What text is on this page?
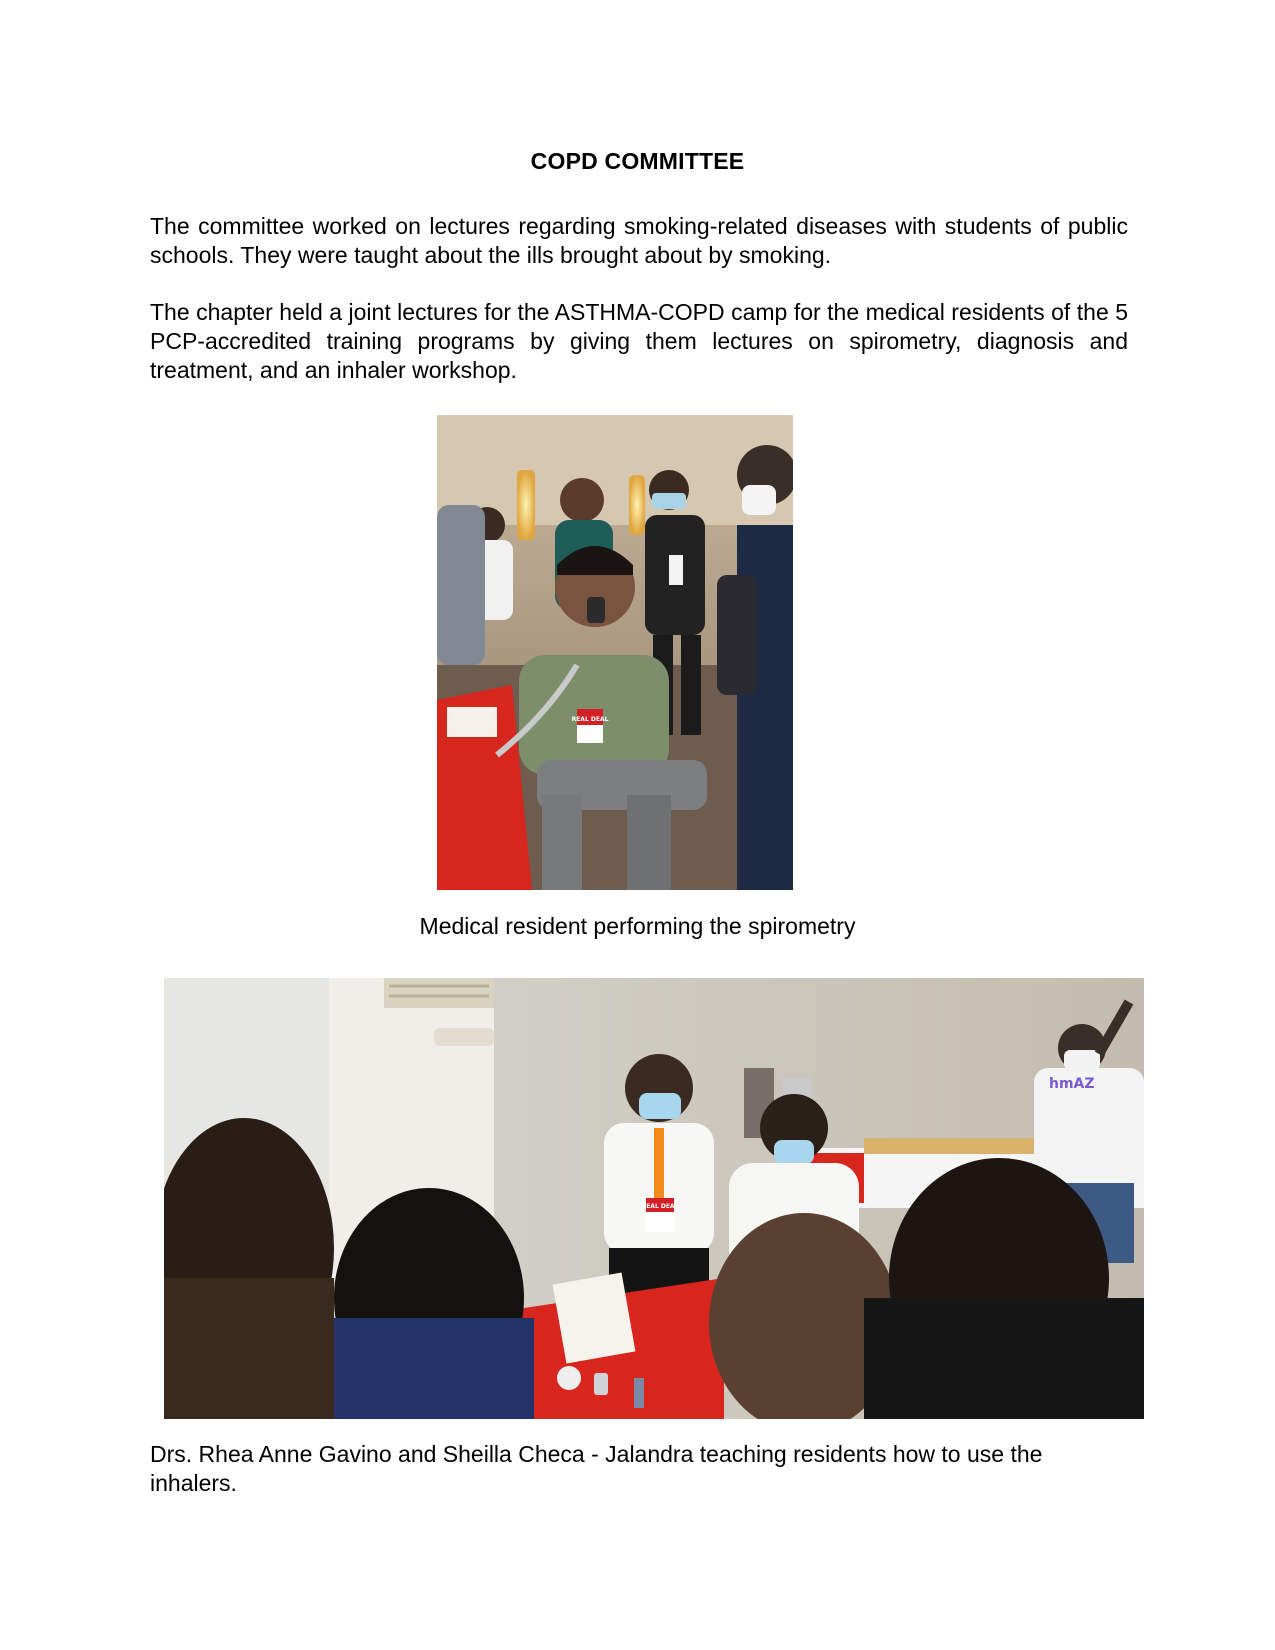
COPD COMMITTEE
The committee worked on lectures regarding smoking-related diseases with students of public schools. They were taught about the ills brought about by smoking.
The chapter held a joint lectures for the ASTHMA-COPD camp for the medical residents of the 5 PCP-accredited training programs by giving them lectures on spirometry, diagnosis and treatment, and an inhaler workshop.
REAL DEAL
Medical resident performing the spirometry
hmAZ
REAL DEAL
Drs. Rhea Anne Gavino and Sheilla Checa - Jalandra teaching residents how to use the inhalers.
